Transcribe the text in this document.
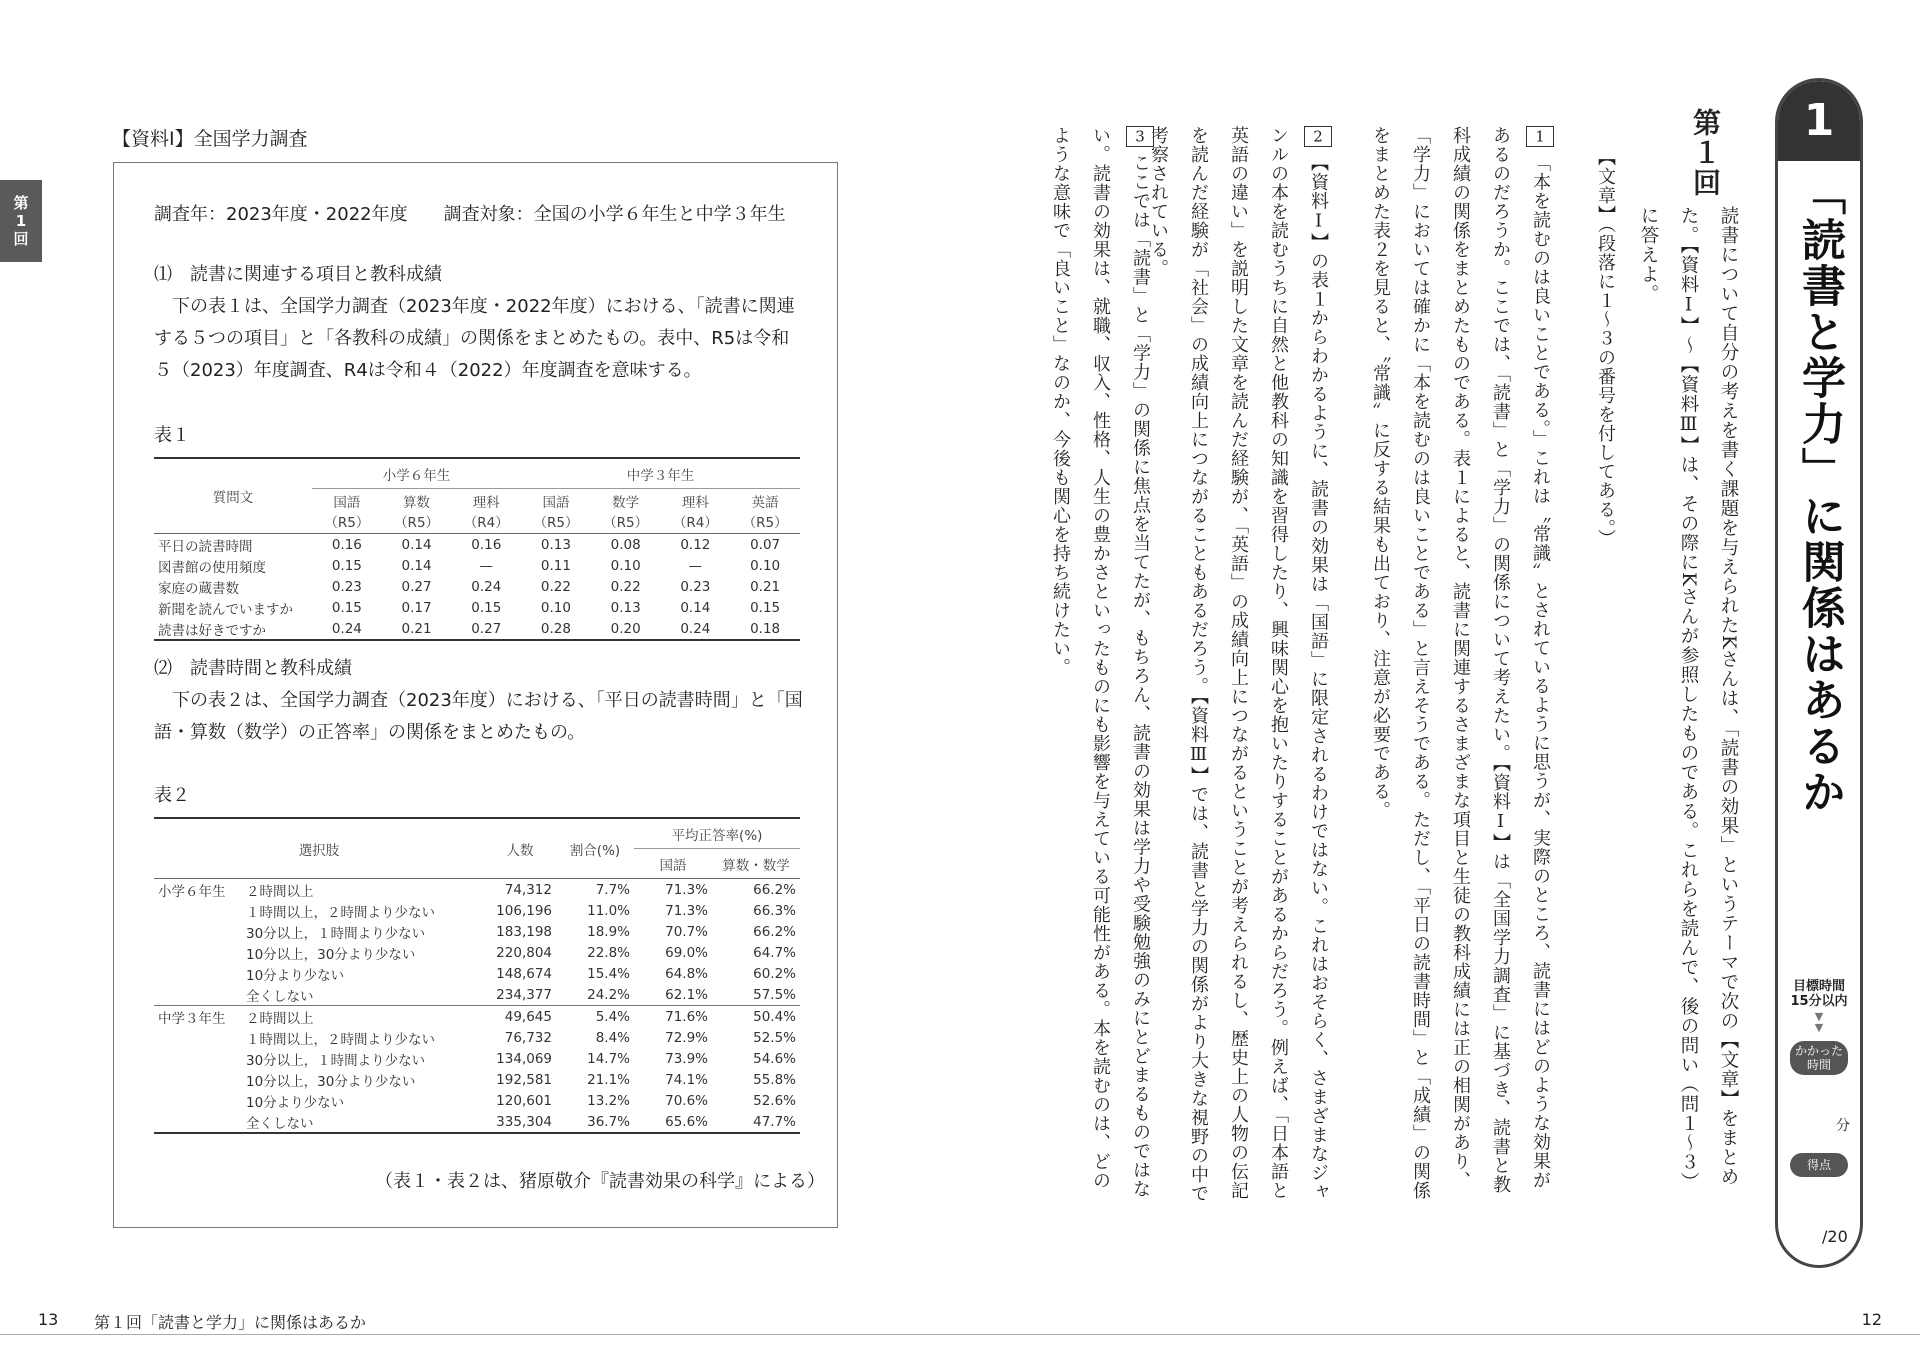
第
1
回
【資料Ⅰ】全国学力調査
調査年：2023年度・2022年度　　調査対象：全国の小学６年生と中学３年生
⑴　読書に関連する項目と教科成績
下の表１は、全国学力調査（2023年度・2022年度）における、「読書に関連する５つの項目」と「各教科の成績」の関係をまとめたもの。表中、R5は令和５（2023）年度調査、R4は令和４（2022）年度調査を意味する。
表１
質問文	小学６年生			中学３年生			
	国語（R5）	算数（R5）	理科（R4）	国語（R5）	数学（R5）	理科（R4）	英語（R5）
平日の読書時間	0.16	0.14	0.16	0.13	0.08	0.12	0.07
図書館の使用頻度	0.15	0.14	—	0.11	0.10	—	0.10
家庭の蔵書数	0.23	0.27	0.24	0.22	0.22	0.23	0.21
新聞を読んでいますか	0.15	0.17	0.15	0.10	0.13	0.14	0.15
読書は好きですか	0.24	0.21	0.27	0.28	0.20	0.24	0.18
⑵　読書時間と教科成績
下の表２は、全国学力調査（2023年度）における、「平日の読書時間」と「国語・算数（数学）の正答率」の関係をまとめたもの。
表２
選択肢		人数	割合(%)	平均正答率(%)	
				国語	算数・数学
小学６年生	２時間以上	74,312	7.7%	71.3%	66.2%
	１時間以上，２時間より少ない	106,196	11.0%	71.3%	66.3%
	30分以上，１時間より少ない	183,198	18.9%	70.7%	66.2%
	10分以上，30分より少ない	220,804	22.8%	69.0%	64.7%
	10分より少ない	148,674	15.4%	64.8%	60.2%
	全くしない	234,377	24.2%	62.1%	57.5%
中学３年生	２時間以上	49,645	5.4%	71.6%	50.4%
	１時間以上，２時間より少ない	76,732	8.4%	72.9%	52.5%
	30分以上，１時間より少ない	134,069	14.7%	73.9%	54.6%
	10分以上，30分より少ない	192,581	21.1%	74.1%	55.8%
	10分より少ない	120,601	13.2%	70.6%	52.6%
	全くしない	335,304	36.7%	65.6%	47.7%
（表１・表２は、猪原敬介『読書効果の科学』による）
13 第１回「読書と学力」に関係はあるか
第１回
読書について自分の考えを書く課題を与えられたKさんは、「読書の効果」というテーマで次の【文章】をまとめた。【資料Ⅰ】〜【資料Ⅲ】は、その際にKさんが参照したものである。これらを読んで、後の問い（問１〜３）に答えよ。
【文章】（段落に１〜３の番号を付してある。）
1 「本を読むのは良いことである。」これは〝常識〟とされているように思うが、実際のところ、読書にはどのような効果があるのだろうか。ここでは、「読書」と「学力」の関係について考えたい。【資料Ⅰ】は「全国学力調査」に基づき、読書と教科成績の関係をまとめたものである。表１によると、読書に関連するさまざまな項目と生徒の教科成績には正の相関があり、「学力」においては確かに「本を読むのは良いことである」と言えそうである。ただし、「平日の読書時間」と「成績」の関係をまとめた表２を見ると、〝常識〟に反する結果も出ており、注意が必要である。
2 【資料Ⅰ】の表１からわかるように、読書の効果は「国語」に限定されるわけではない。これはおそらく、さまざまなジャンルの本を読むうちに自然と他教科の知識を習得したり、興味関心を抱いたりすることがあるからだろう。例えば、「日本語と英語の違い」を説明した文章を読んだ経験が、「英語」の成績向上につながるということが考えられるし、歴史上の人物の伝記を読んだ経験が「社会」の成績向上につながることもあるだろう。【資料Ⅲ】では、読書と学力の関係がより大きな視野の中で考察されている。
3 ここでは「読書」と「学力」の関係に焦点を当てたが、もちろん、読書の効果は学力や受験勉強のみにとどまるものではない。読書の効果は、就職、収入、性格、人生の豊かさといったものにも影響を与えている可能性がある。本を読むのは、どのような意味で「良いこと」なのか、今後も関心を持ち続けたい。
1
「読書と学力」に関係はあるか
目標時間
15分以内
▼
▼
かかった
時間
分
得点
/20
12
